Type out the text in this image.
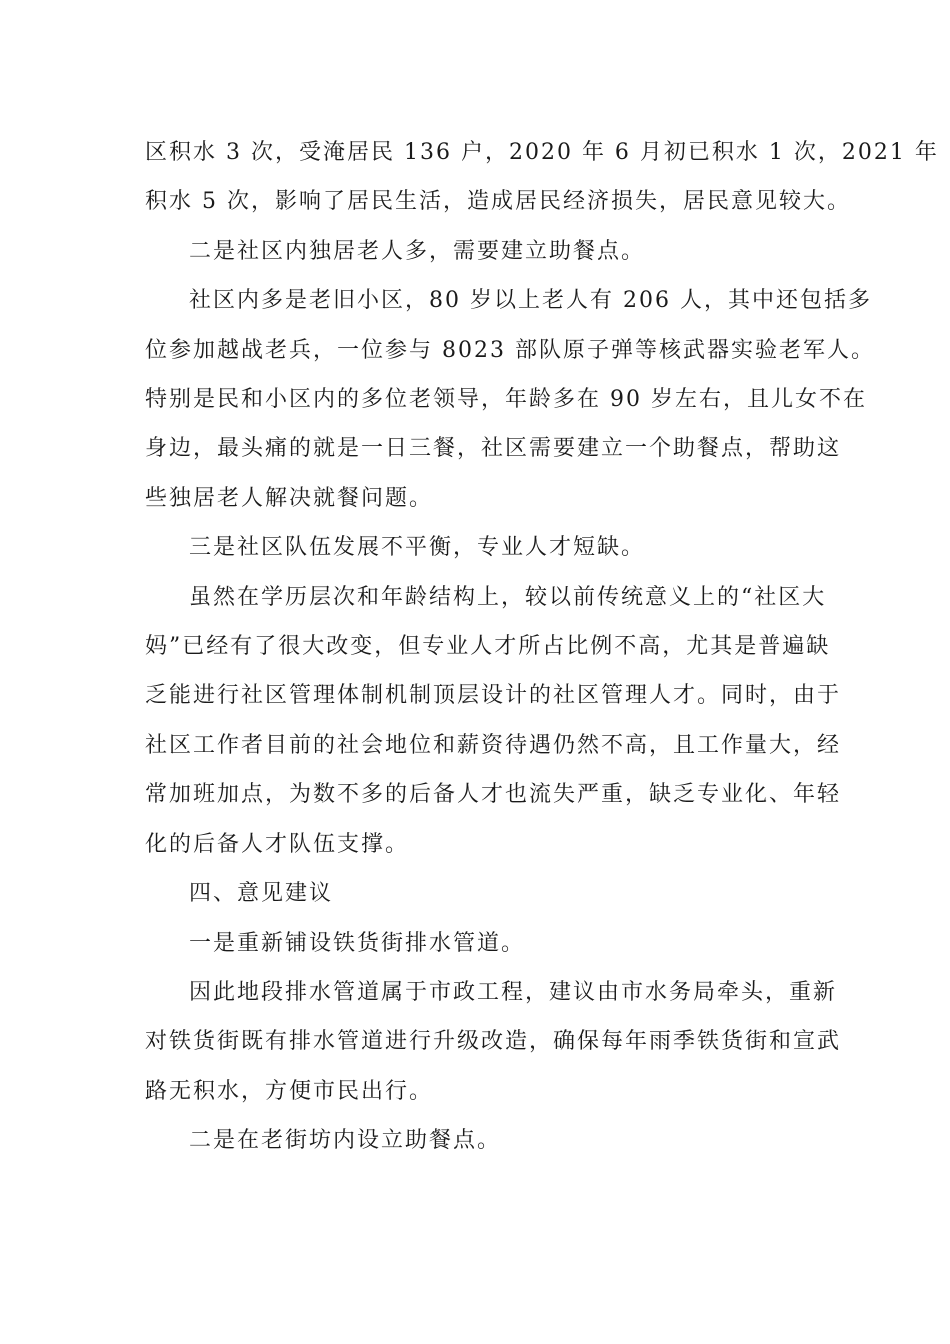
区积水 3 次，受淹居民 136 户，2020 年 6 月初已积水 1 次，2021 年
积水 5 次，影响了居民生活，造成居民经济损失，居民意见较大。

二是社区内独居老人多，需要建立助餐点。

社区内多是老旧小区，80 岁以上老人有 206 人，其中还包括多
位参加越战老兵，一位参与 8023 部队原子弹等核武器实验老军人。
特别是民和小区内的多位老领导，年龄多在 90 岁左右，且儿女不在
身边，最头痛的就是一日三餐，社区需要建立一个助餐点，帮助这
些独居老人解决就餐问题。

三是社区队伍发展不平衡，专业人才短缺。

虽然在学历层次和年龄结构上，较以前传统意义上的“社区大
妈”已经有了很大改变，但专业人才所占比例不高，尤其是普遍缺
乏能进行社区管理体制机制顶层设计的社区管理人才。同时，由于
社区工作者目前的社会地位和薪资待遇仍然不高，且工作量大，经
常加班加点，为数不多的后备人才也流失严重，缺乏专业化、年轻
化的后备人才队伍支撑。

四、意见建议

一是重新铺设铁货街排水管道。

因此地段排水管道属于市政工程，建议由市水务局牵头，重新
对铁货街既有排水管道进行升级改造，确保每年雨季铁货街和宣武
路无积水，方便市民出行。

二是在老街坊内设立助餐点。
